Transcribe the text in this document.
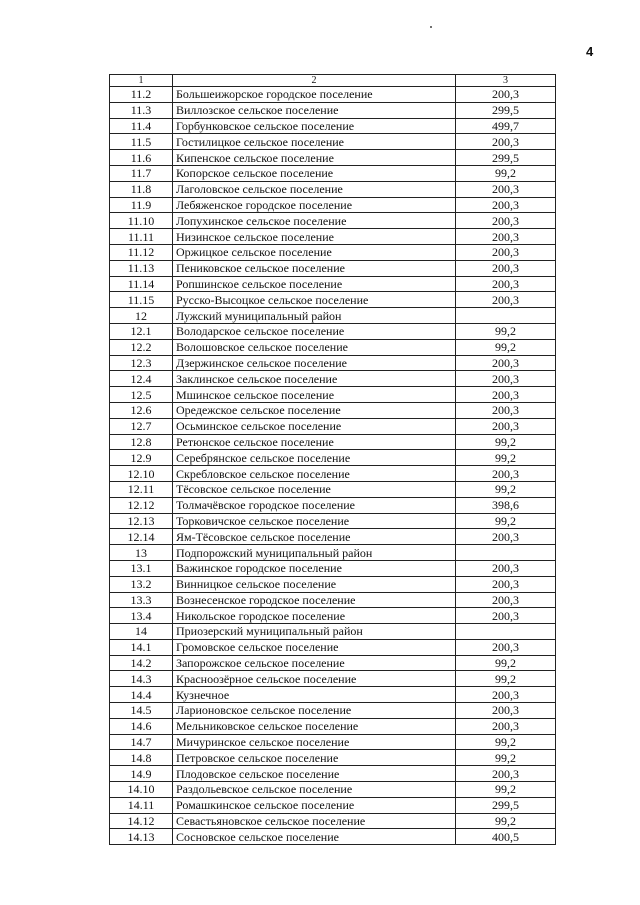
4
1	2	3
11.2	Большеижорское городское поселение	200,3
11.3	Виллозское сельское поселение	299,5
11.4	Горбунковское сельское поселение	499,7
11.5	Гостилицкое сельское поселение	200,3
11.6	Кипенское сельское поселение	299,5
11.7	Копорское сельское поселение	99,2
11.8	Лаголовское сельское поселение	200,3
11.9	Лебяженское городское поселение	200,3
11.10	Лопухинское сельское поселение	200,3
11.11	Низинское сельское поселение	200,3
11.12	Оржицкое сельское поселение	200,3
11.13	Пениковское сельское поселение	200,3
11.14	Ропшинское сельское поселение	200,3
11.15	Русско-Высоцкое сельское поселение	200,3
12	Лужский муниципальный район	
12.1	Володарское сельское поселение	99,2
12.2	Волошовское сельское поселение	99,2
12.3	Дзержинское сельское поселение	200,3
12.4	Заклинское сельское поселение	200,3
12.5	Мшинское сельское поселение	200,3
12.6	Оредежское сельское поселение	200,3
12.7	Осьминское сельское поселение	200,3
12.8	Ретюнское сельское поселение	99,2
12.9	Серебрянское сельское поселение	99,2
12.10	Скребловское сельское поселение	200,3
12.11	Тёсовское сельское поселение	99,2
12.12	Толмачёвское городское поселение	398,6
12.13	Торковичское сельское поселение	99,2
12.14	Ям-Тёсовское сельское поселение	200,3
13	Подпорожский муниципальный район	
13.1	Важинское городское поселение	200,3
13.2	Винницкое сельское поселение	200,3
13.3	Вознесенское городское поселение	200,3
13.4	Никольское городское поселение	200,3
14	Приозерский муниципальный район	
14.1	Громовское сельское поселение	200,3
14.2	Запорожское сельское поселение	99,2
14.3	Красноозёрное сельское поселение	99,2
14.4	Кузнечное	200,3
14.5	Ларионовское сельское поселение	200,3
14.6	Мельниковское сельское поселение	200,3
14.7	Мичуринское сельское поселение	99,2
14.8	Петровское сельское поселение	99,2
14.9	Плодовское сельское поселение	200,3
14.10	Раздольевское сельское поселение	99,2
14.11	Ромашкинское сельское поселение	299,5
14.12	Севастьяновское сельское поселение	99,2
14.13	Сосновское сельское поселение	400,5
